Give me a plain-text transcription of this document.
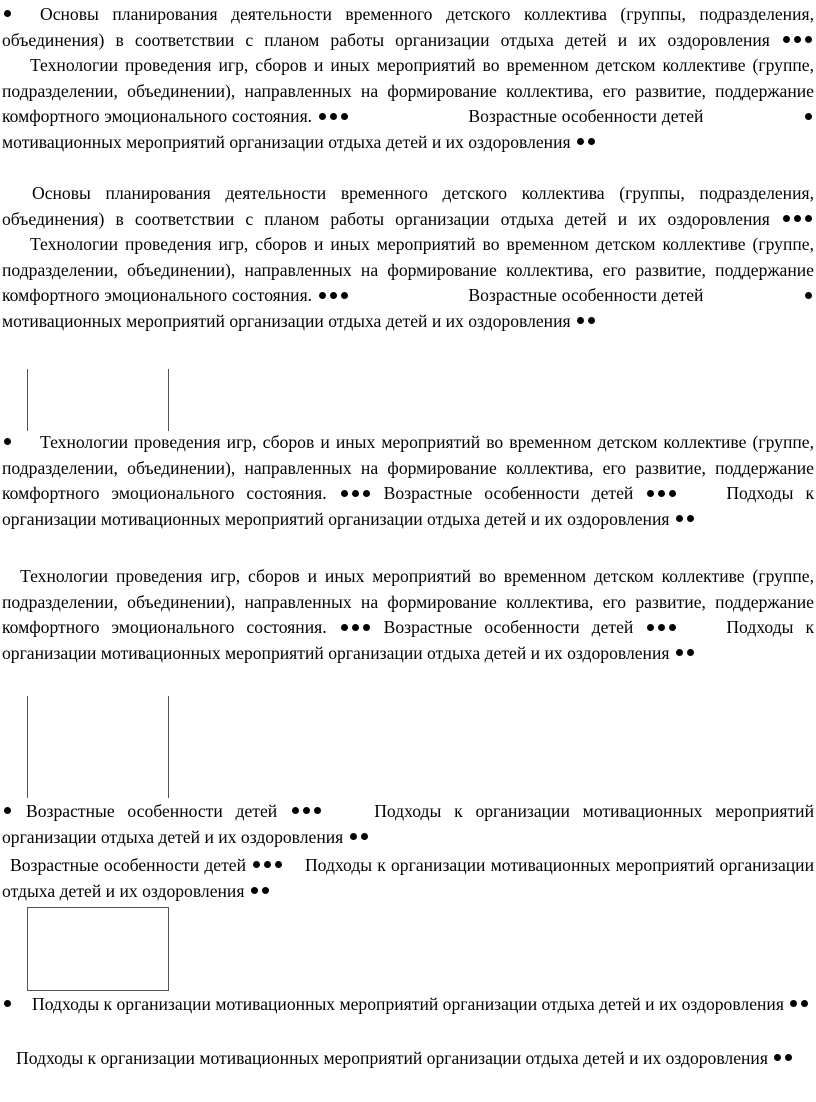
Основы планирования деятельности временного детского коллектива (группы, подразделения, объединения) в соответствии с планом работы организации отдыха детей и их оздоровления      Технологии проведения игр, сборов и иных мероприятий во временном детском коллективе (группе, подразделении, объединении), направленных на формирование коллектива, его развитие, поддержание комфортного эмоционального состояния.	Возрастные особенности детей                      мотивационных мероприятий организации отдыха детей и их оздоровления

Основы планирования деятельности временного детского коллектива (группы, подразделения, объединения) в соответствии с планом работы организации отдыха детей и их оздоровления      Технологии проведения игр, сборов и иных мероприятий во временном детском коллективе (группе, подразделении, объединении), направленных на формирование коллектива, его развитие, поддержание комфортного эмоционального состояния.	Возрастные особенности детей                      мотивационных мероприятий организации отдыха детей и их оздоровления

Технологии проведения игр, сборов и иных мероприятий во временном детском коллективе (группе, подразделении, объединении), направленных на формирование коллектива, его развитие, поддержание комфортного эмоционального состояния.	Возрастные особенности детей	Подходы к организации мотивационных мероприятий организации отдыха детей и их оздоровления

Технологии проведения игр, сборов и иных мероприятий во временном детском коллективе (группе, подразделении, объединении), направленных на формирование коллектива, его развитие, поддержание комфортного эмоционального состояния.	Возрастные особенности детей	Подходы к организации мотивационных мероприятий организации отдыха детей и их оздоровления

Возрастные особенности детей	Подходы к организации мотивационных мероприятий организации отдыха детей и их оздоровления

Возрастные особенности детей	Подходы к организации мотивационных мероприятий организации отдыха детей и их оздоровления

Подходы к организации мотивационных мероприятий организации отдыха детей и их оздоровления

Подходы к организации мотивационных мероприятий организации отдыха детей и их оздоровления
